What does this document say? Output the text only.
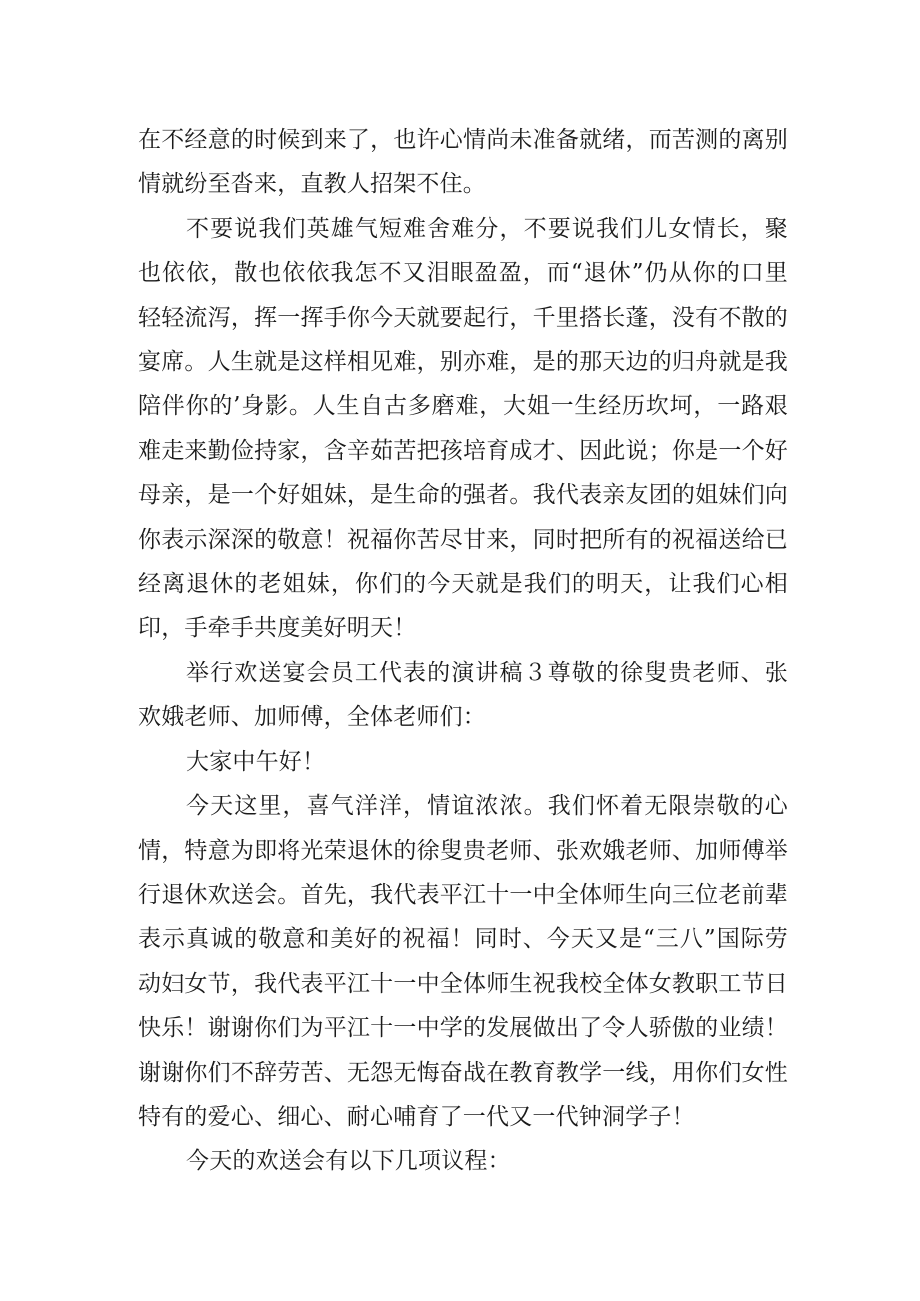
在不经意的时候到来了，也许心情尚未准备就绪，而苦测的离别情就纷至沓来，直教人招架不住。

不要说我们英雄气短难舍难分，不要说我们儿女情长，聚也依依，散也依依我怎不又泪眼盈盈，而“退休”仍从你的口里轻轻流泻，挥一挥手你今天就要起行，千里搭长蓬，没有不散的宴席。人生就是这样相见难，别亦难，是的那天边的归舟就是我陪伴你的’身影。人生自古多磨难，大姐一生经历坎坷，一路艰难走来勤俭持家，含辛茹苦把孩培育成才、因此说；你是一个好母亲，是一个好姐妹，是生命的强者。我代表亲友团的姐妹们向你表示深深的敬意！祝福你苦尽甘来，同时把所有的祝福送给已经离退休的老姐妹，你们的今天就是我们的明天，让我们心相印，手牵手共度美好明天！

举行欢送宴会员工代表的演讲稿３尊敬的徐叟贵老师、张欢娥老师、加师傅，全体老师们：

大家中午好！

今天这里，喜气洋洋，情谊浓浓。我们怀着无限崇敬的心情，特意为即将光荣退休的徐叟贵老师、张欢娥老师、加师傅举行退休欢送会。首先，我代表平江十一中全体师生向三位老前辈表示真诚的敬意和美好的祝福！同时、今天又是“三八”国际劳动妇女节，我代表平江十一中全体师生祝我校全体女教职工节日快乐！谢谢你们为平江十一中学的发展做出了令人骄傲的业绩！谢谢你们不辞劳苦、无怨无悔奋战在教育教学一线，用你们女性特有的爱心、细心、耐心哺育了一代又一代钟洞学子！

今天的欢送会有以下几项议程：
